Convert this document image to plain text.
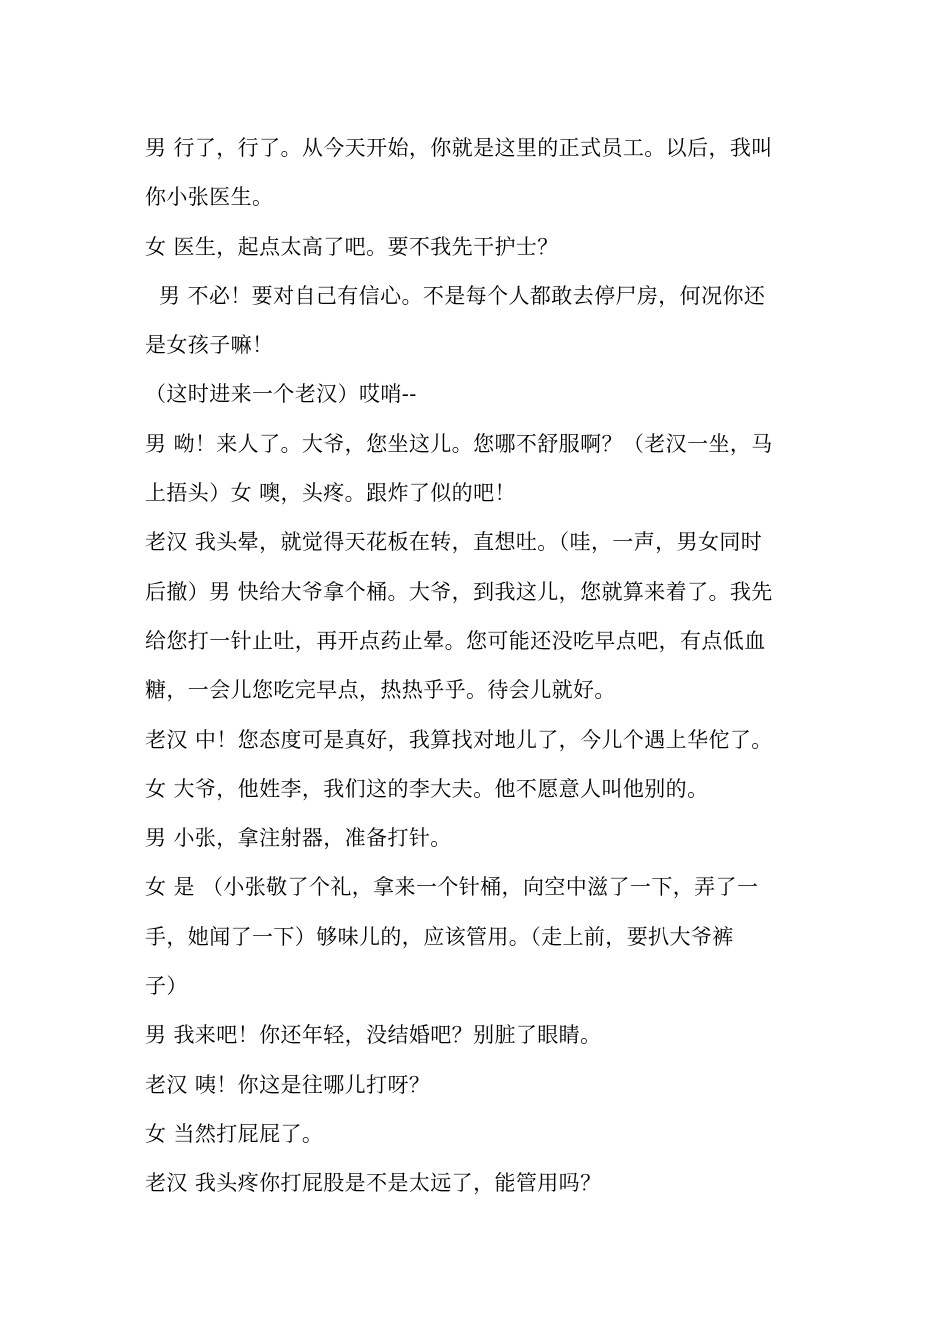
男 行了，行了。从今天开始，你就是这里的正式员工。以后，我叫
你小张医生。
女 医生，起点太高了吧。要不我先干护士？
男 不必！要对自己有信心。不是每个人都敢去停尸房，何况你还
是女孩子嘛！
（这时进来一个老汉）哎哨--
男 呦！来人了。大爷，您坐这儿。您哪不舒服啊？（老汉一坐，马
上捂头）女 噢，头疼。跟炸了似的吧！
老汉 我头晕，就觉得天花板在转，直想吐。（哇，一声，男女同时
后撤）男 快给大爷拿个桶。大爷，到我这儿，您就算来着了。我先
给您打一针止吐，再开点药止晕。您可能还没吃早点吧，有点低血
糖，一会儿您吃完早点，热热乎乎。待会儿就好。
老汉 中！您态度可是真好，我算找对地儿了，今儿个遇上华佗了。
女 大爷，他姓李，我们这的李大夫。他不愿意人叫他别的。
男 小张，拿注射器，准备打针。
女 是 （小张敬了个礼，拿来一个针桶，向空中滋了一下，弄了一
手，她闻了一下）够味儿的，应该管用。（走上前，要扒大爷裤
子）
男 我来吧！你还年轻，没结婚吧？别脏了眼睛。
老汉 咦！你这是往哪儿打呀？
女 当然打屁屁了。
老汉 我头疼你打屁股是不是太远了，能管用吗？
